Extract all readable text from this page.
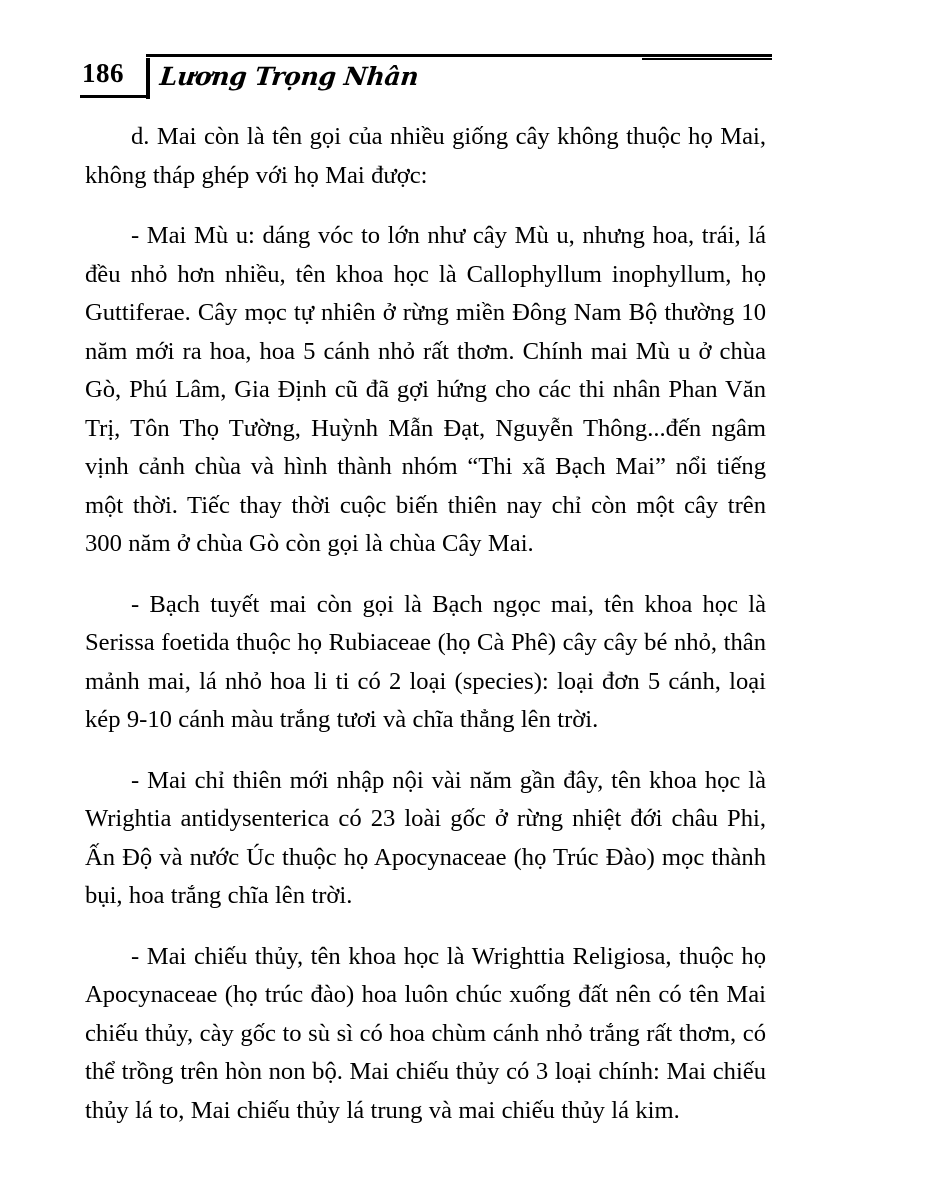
186 Lương Trọng Nhân

d. Mai còn là tên gọi của nhiều giống cây không thuộc họ Mai, không tháp ghép với họ Mai được:

- Mai Mù u: dáng vóc to lớn như cây Mù u, nhưng hoa, trái, lá đều nhỏ hơn nhiều, tên khoa học là Callophyllum inophyllum, họ Guttiferae. Cây mọc tự nhiên ở rừng miền Đông Nam Bộ thường 10 năm mới ra hoa, hoa 5 cánh nhỏ rất thơm. Chính mai Mù u ở chùa Gò, Phú Lâm, Gia Định cũ đã gợi hứng cho các thi nhân Phan Văn Trị, Tôn Thọ Tường, Huỳnh Mẫn Đạt, Nguyễn Thông...đến ngâm vịnh cảnh chùa và hình thành nhóm “Thi xã Bạch Mai” nổi tiếng một thời. Tiếc thay thời cuộc biến thiên nay chỉ còn một cây trên 300 năm ở chùa Gò còn gọi là chùa Cây Mai.

- Bạch tuyết mai còn gọi là Bạch ngọc mai, tên khoa học là Serissa foetida thuộc họ Rubiaceae (họ Cà Phê) cây cây bé nhỏ, thân mảnh mai, lá nhỏ hoa li ti có 2 loại (species): loại đơn 5 cánh, loại kép 9-10 cánh màu trắng tươi và chĩa thẳng lên trời.

- Mai chỉ thiên mới nhập nội vài năm gần đây, tên khoa học là Wrightia antidysenterica có 23 loài gốc ở rừng nhiệt đới châu Phi, Ấn Độ và nước Úc thuộc họ Apocynaceae (họ Trúc Đào) mọc thành bụi, hoa trắng chĩa lên trời.

- Mai chiếu thủy, tên khoa học là Wrighttia Religiosa, thuộc họ Apocynaceae (họ trúc đào) hoa luôn chúc xuống đất nên có tên Mai chiếu thủy, cày gốc to sù sì có hoa chùm cánh nhỏ trắng rất thơm, có thể trồng trên hòn non bộ. Mai chiếu thủy có 3 loại chính: Mai chiếu thủy lá to, Mai chiếu thủy lá trung và mai chiếu thủy lá kim.
